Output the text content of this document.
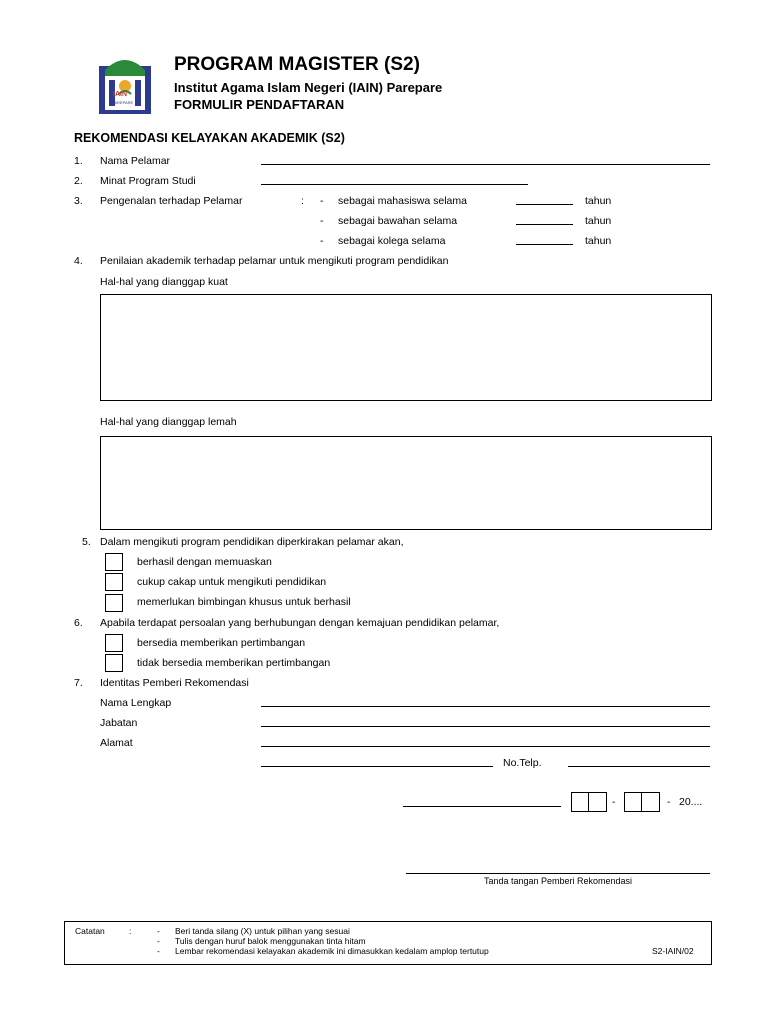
IAIN
PAREPARE
PROGRAM MAGISTER (S2)
Institut Agama Islam Negeri (IAIN) Parepare
FORMULIR PENDAFTARAN
REKOMENDASI KELAYAKAN AKADEMIK (S2)
1. Nama Pelamar
2. Minat Program Studi
3. Pengenalan terhadap Pelamar	: - sebagai mahasiswa selama	tahun
- sebagai bawahan selama	tahun
- sebagai kolega selama	tahun
4. Penilaian akademik terhadap pelamar untuk mengikuti program pendidikan
Hal-hal yang dianggap kuat
Hal-hal yang dianggap lemah
5. Dalam mengikuti program pendidikan diperkirakan pelamar akan,
berhasil dengan memuaskan
cukup cakap untuk mengikuti pendidikan
memerlukan bimbingan khusus untuk berhasil
6. Apabila terdapat persoalan yang berhubungan dengan kemajuan pendidikan pelamar,
bersedia memberikan pertimbangan
tidak bersedia memberikan pertimbangan
7. Identitas Pemberi Rekomendasi
Nama Lengkap
Jabatan
Alamat
No.Telp.
-	- 20....
Tanda tangan Pemberi Rekomendasi
Catatan	:	- Beri tanda silang (X) untuk pilihan yang sesuai
- Tulis dengan huruf balok menggunakan tinta hitam
- Lembar rekomendasi kelayakan akademik ini dimasukkan kedalam amplop tertutup	S2-IAIN/02
